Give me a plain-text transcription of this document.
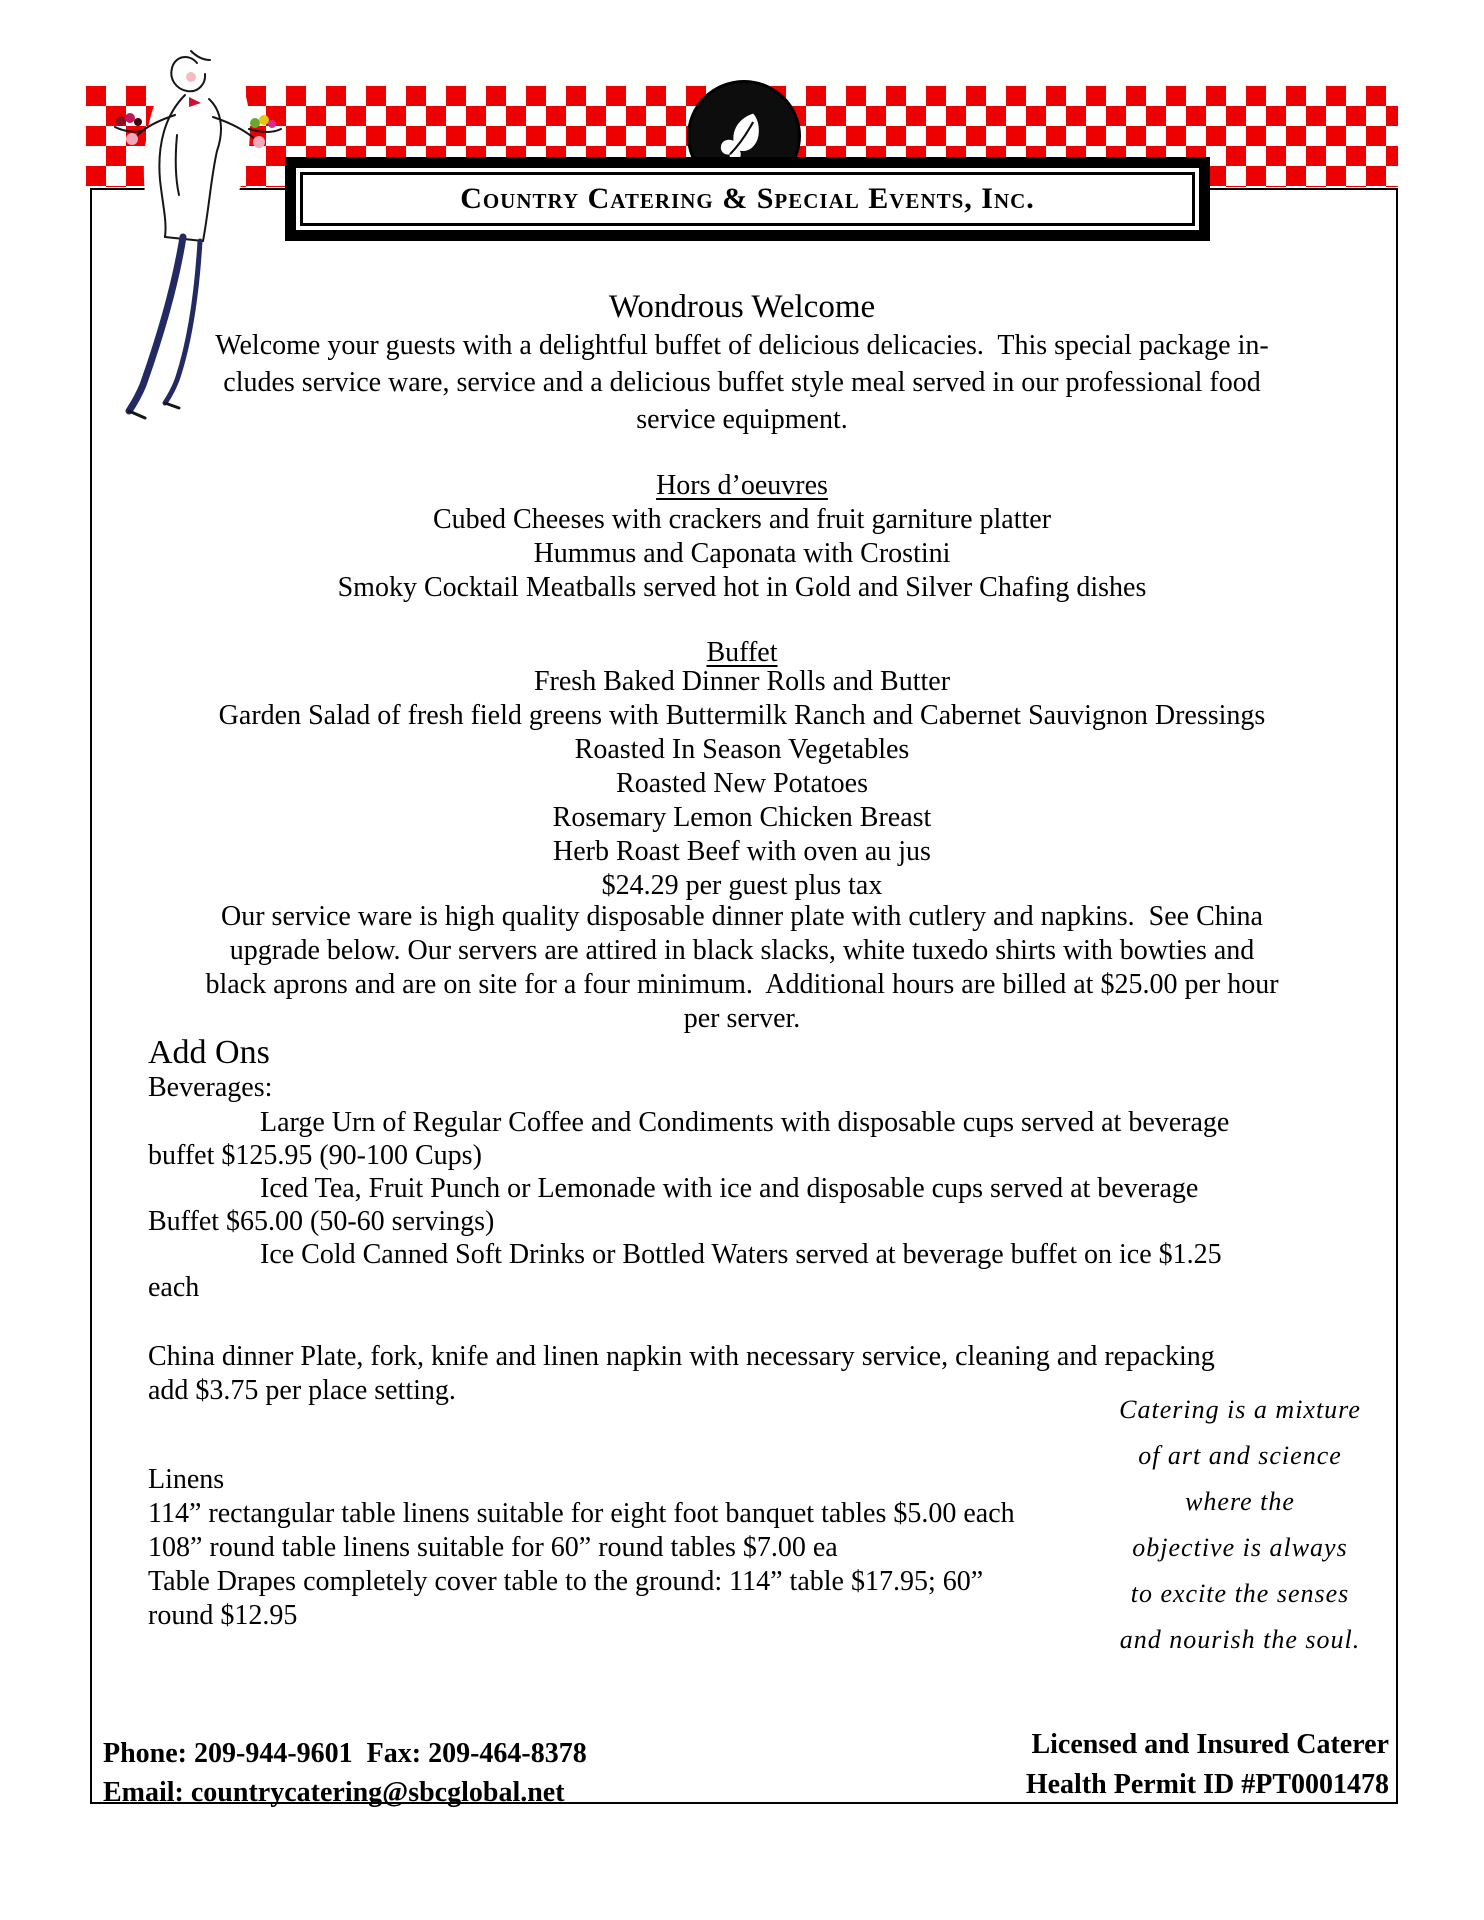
Country Catering & Special Events, Inc.
Wondrous Welcome
Welcome your guests with a delightful buffet of delicious delicacies.  This special package in-
cludes service ware, service and a delicious buffet style meal served in our professional food
service equipment.
Hors d’oeuvres
Cubed Cheeses with crackers and fruit garniture platter
Hummus and Caponata with Crostini
Smoky Cocktail Meatballs served hot in Gold and Silver Chafing dishes
Buffet
Fresh Baked Dinner Rolls and Butter
Garden Salad of fresh field greens with Buttermilk Ranch and Cabernet Sauvignon Dressings
Roasted In Season Vegetables
Roasted New Potatoes
Rosemary Lemon Chicken Breast
Herb Roast Beef with oven au jus
$24.29 per guest plus tax
Our service ware is high quality disposable dinner plate with cutlery and napkins.  See China
upgrade below. Our servers are attired in black slacks, white tuxedo shirts with bowties and
black aprons and are on site for a four minimum.  Additional hours are billed at $25.00 per hour
per server.
Add Ons
Beverages:
Large Urn of Regular Coffee and Condiments with disposable cups served at beverage
buffet $125.95 (90-100 Cups)
Iced Tea, Fruit Punch or Lemonade with ice and disposable cups served at beverage
Buffet $65.00 (50-60 servings)
Ice Cold Canned Soft Drinks or Bottled Waters served at beverage buffet on ice $1.25
each
China dinner Plate, fork, knife and linen napkin with necessary service, cleaning and repacking
add $3.75 per place setting.
Linens
114” rectangular table linens suitable for eight foot banquet tables $5.00 each
108” round table linens suitable for 60” round tables $7.00 ea
Table Drapes completely cover table to the ground: 114” table $17.95; 60”
round $12.95
Catering is a mixture
of art and science
where the
objective is always
to excite the senses
and nourish the soul.
Phone: 209-944-9601  Fax: 209-464-8378
Email: countrycatering@sbcglobal.net
Licensed and Insured Caterer
Health Permit ID #PT0001478
